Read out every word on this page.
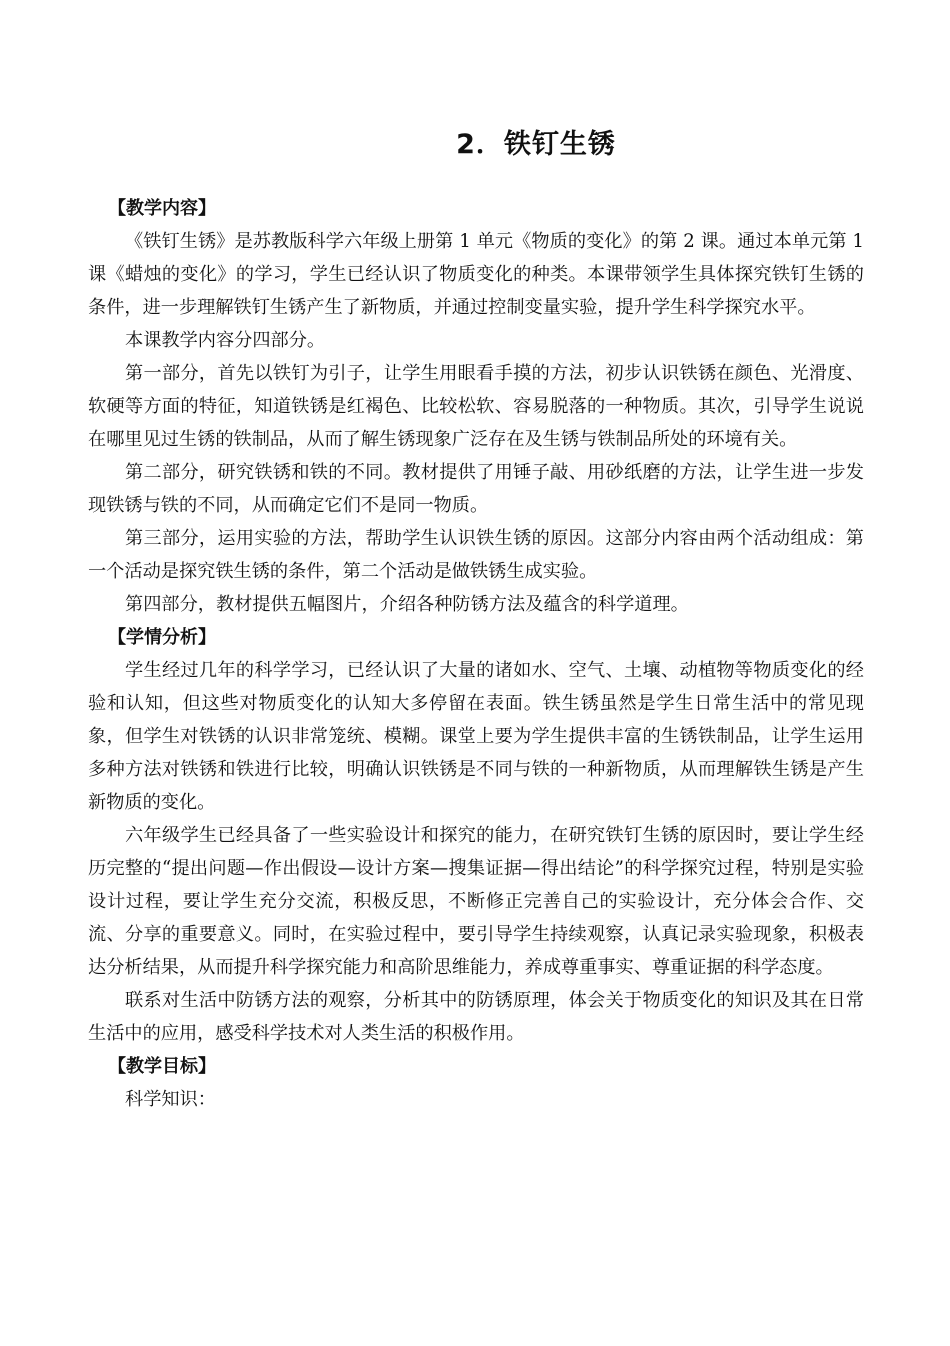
2．铁钉生锈
【教学内容】

《铁钉生锈》是苏教版科学六年级上册第 1 单元《物质的变化》的第 2 课。通过本单元第 1 课《蜡烛的变化》的学习，学生已经认识了物质变化的种类。本课带领学生具体探究铁钉生锈的条件，进一步理解铁钉生锈产生了新物质，并通过控制变量实验，提升学生科学探究水平。

本课教学内容分四部分。

第一部分，首先以铁钉为引子，让学生用眼看手摸的方法，初步认识铁锈在颜色、光滑度、软硬等方面的特征，知道铁锈是红褐色、比较松软、容易脱落的一种物质。其次，引导学生说说在哪里见过生锈的铁制品，从而了解生锈现象广泛存在及生锈与铁制品所处的环境有关。

第二部分，研究铁锈和铁的不同。教材提供了用锤子敲、用砂纸磨的方法，让学生进一步发现铁锈与铁的不同，从而确定它们不是同一物质。

第三部分，运用实验的方法，帮助学生认识铁生锈的原因。这部分内容由两个活动组成：第一个活动是探究铁生锈的条件，第二个活动是做铁锈生成实验。

第四部分，教材提供五幅图片，介绍各种防锈方法及蕴含的科学道理。

【学情分析】

学生经过几年的科学学习，已经认识了大量的诸如水、空气、土壤、动植物等物质变化的经验和认知，但这些对物质变化的认知大多停留在表面。铁生锈虽然是学生日常生活中的常见现象，但学生对铁锈的认识非常笼统、模糊。课堂上要为学生提供丰富的生锈铁制品，让学生运用多种方法对铁锈和铁进行比较，明确认识铁锈是不同与铁的一种新物质，从而理解铁生锈是产生新物质的变化。

六年级学生已经具备了一些实验设计和探究的能力，在研究铁钉生锈的原因时，要让学生经历完整的“提出问题—作出假设—设计方案—搜集证据—得出结论”的科学探究过程，特别是实验设计过程，要让学生充分交流，积极反思，不断修正完善自己的实验设计，充分体会合作、交流、分享的重要意义。同时，在实验过程中，要引导学生持续观察，认真记录实验现象，积极表达分析结果，从而提升科学探究能力和高阶思维能力，养成尊重事实、尊重证据的科学态度。

联系对生活中防锈方法的观察，分析其中的防锈原理，体会关于物质变化的知识及其在日常生活中的应用，感受科学技术对人类生活的积极作用。

【教学目标】

科学知识：
